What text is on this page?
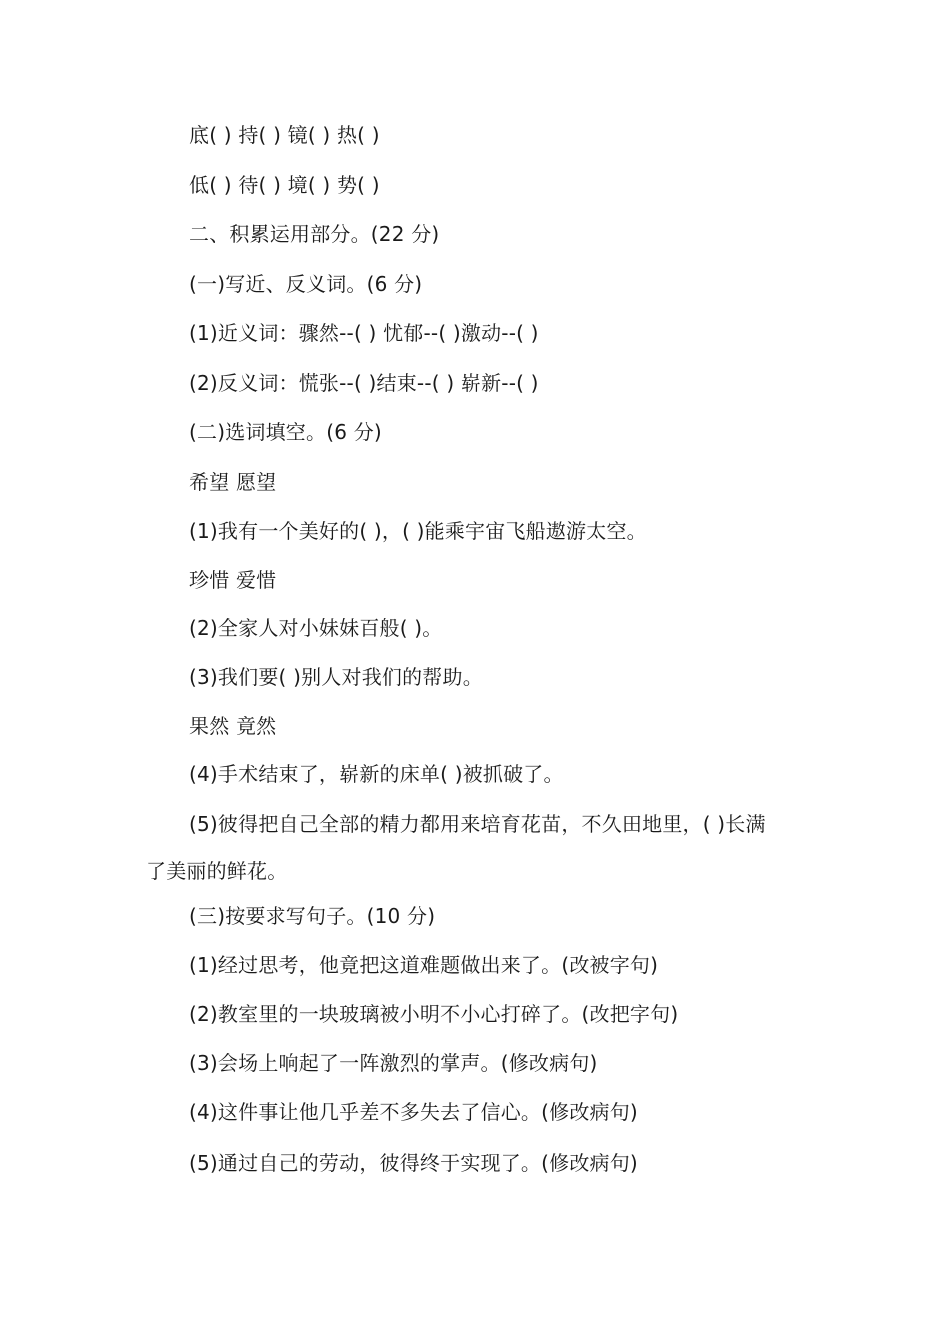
底( ) 持( ) 镜( ) 热( )
低( ) 待( ) 境( ) 势( )
二、积累运用部分。(22 分)
(一)写近、反义词。(6 分)
(1)近义词：骤然--( ) 忧郁--( )激动--( )
(2)反义词：慌张--( )结束--( ) 崭新--( )
(二)选词填空。(6 分)
希望 愿望
(1)我有一个美好的( )，( )能乘宇宙飞船遨游太空。
珍惜 爱惜
(2)全家人对小妹妹百般( )。
(3)我们要( )别人对我们的帮助。
果然 竟然
(4)手术结束了，崭新的床单( )被抓破了。
(5)彼得把自己全部的精力都用来培育花苗，不久田地里，( )长满
了美丽的鲜花。
(三)按要求写句子。(10 分)
(1)经过思考，他竟把这道难题做出来了。(改被字句)
(2)教室里的一块玻璃被小明不小心打碎了。(改把字句)
(3)会场上响起了一阵激烈的掌声。(修改病句)
(4)这件事让他几乎差不多失去了信心。(修改病句)
(5)通过自己的劳动，彼得终于实现了。(修改病句)
